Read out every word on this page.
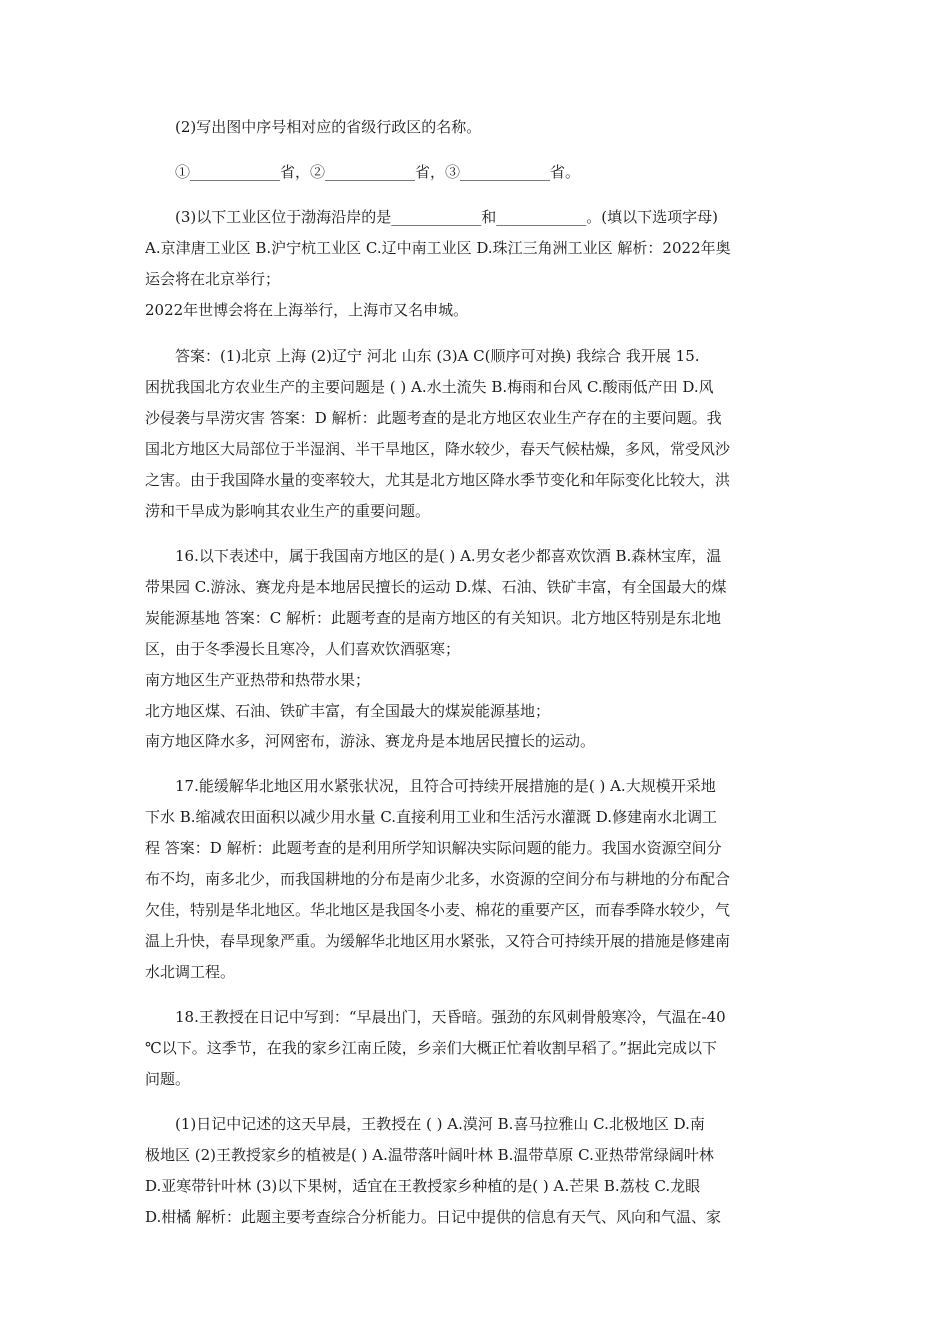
(2)写出图中序号相对应的省级行政区的名称。
①____________省，②____________省，③____________省。
(3)以下工业区位于渤海沿岸的是____________和____________。(填以下选项字母)
A.京津唐工业区 B.沪宁杭工业区 C.辽中南工业区 D.珠江三角洲工业区 解析：2022年奥
运会将在北京举行；
2022年世博会将在上海举行，上海市又名申城。
答案：(1)北京 上海 (2)辽宁 河北 山东 (3)A C(顺序可对换) 我综合 我开展 15.
困扰我国北方农业生产的主要问题是 ( ) A.水土流失 B.梅雨和台风 C.酸雨低产田 D.风
沙侵袭与旱涝灾害 答案：D 解析：此题考查的是北方地区农业生产存在的主要问题。我
国北方地区大局部位于半湿润、半干旱地区，降水较少，春天气候枯燥，多风，常受风沙
之害。由于我国降水量的变率较大，尤其是北方地区降水季节变化和年际变化比较大，洪
涝和干旱成为影响其农业生产的重要问题。
16.以下表述中，属于我国南方地区的是( ) A.男女老少都喜欢饮酒 B.森林宝库，温
带果园 C.游泳、赛龙舟是本地居民擅长的运动 D.煤、石油、铁矿丰富，有全国最大的煤
炭能源基地 答案：C 解析：此题考查的是南方地区的有关知识。北方地区特别是东北地
区，由于冬季漫长且寒冷，人们喜欢饮酒驱寒；
南方地区生产亚热带和热带水果；
北方地区煤、石油、铁矿丰富，有全国最大的煤炭能源基地；
南方地区降水多，河网密布，游泳、赛龙舟是本地居民擅长的运动。
17.能缓解华北地区用水紧张状况，且符合可持续开展措施的是( ) A.大规模开采地
下水 B.缩减农田面积以减少用水量 C.直接利用工业和生活污水灌溉 D.修建南水北调工
程 答案：D 解析：此题考查的是利用所学知识解决实际问题的能力。我国水资源空间分
布不均，南多北少，而我国耕地的分布是南少北多，水资源的空间分布与耕地的分布配合
欠佳，特别是华北地区。华北地区是我国冬小麦、棉花的重要产区，而春季降水较少，气
温上升快，春旱现象严重。为缓解华北地区用水紧张，又符合可持续开展的措施是修建南
水北调工程。
18.王教授在日记中写到：“早晨出门，天昏暗。强劲的东风刺骨般寒冷，气温在-40
℃以下。这季节，在我的家乡江南丘陵，乡亲们大概正忙着收割早稻了。”据此完成以下
问题。
(1)日记中记述的这天早晨，王教授在 ( ) A.漠河 B.喜马拉雅山 C.北极地区 D.南
极地区 (2)王教授家乡的植被是( ) A.温带落叶阔叶林 B.温带草原 C.亚热带常绿阔叶林
D.亚寒带针叶林 (3)以下果树，适宜在王教授家乡种植的是( ) A.芒果 B.荔枝 C.龙眼
D.柑橘 解析：此题主要考查综合分析能力。日记中提供的信息有天气、风向和气温、家
